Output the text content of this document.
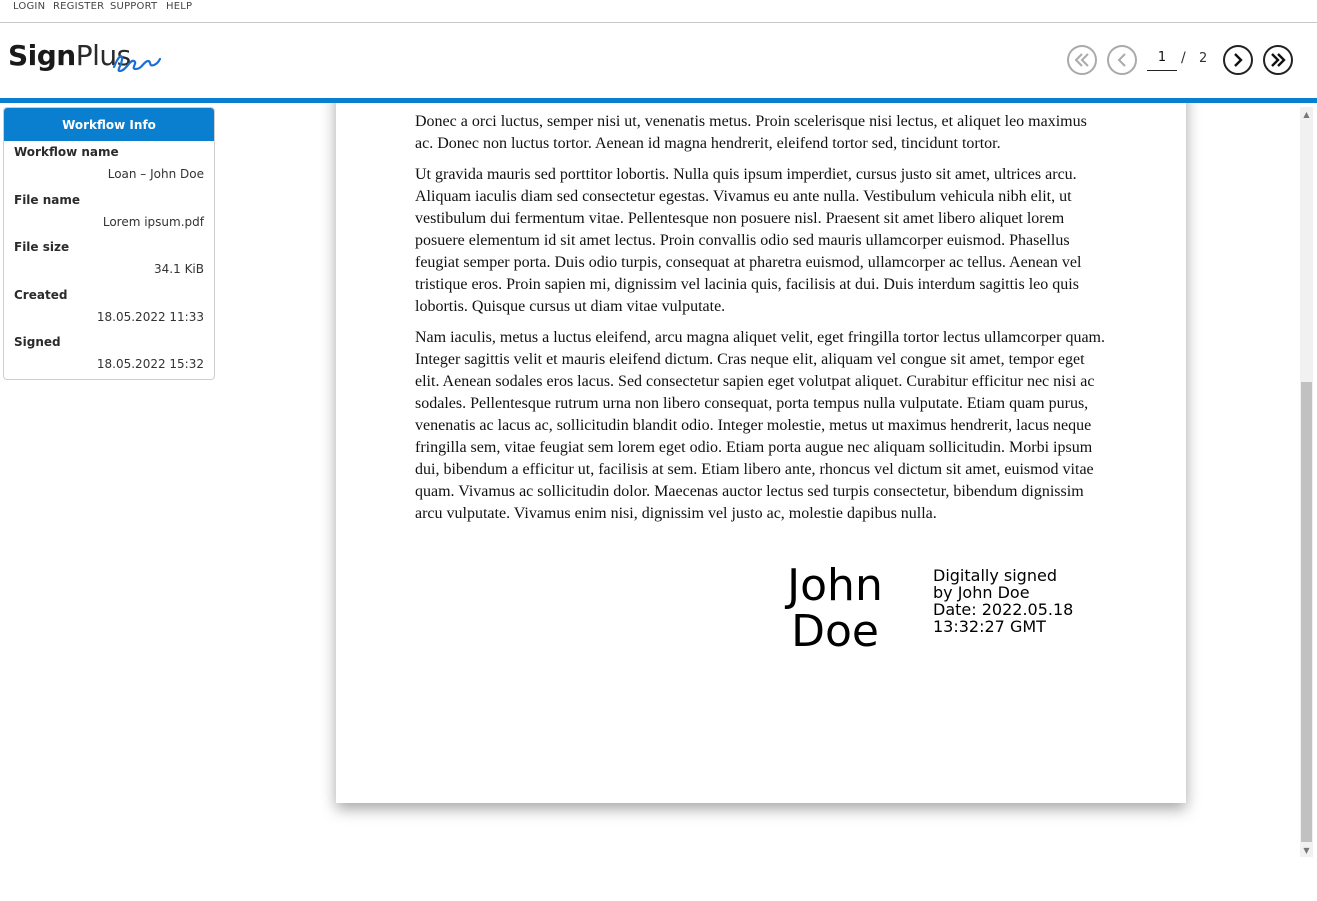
LOGIN REGISTER SUPPORT HELP
SignPlus
1	/ 2
Workflow Info
Workflow name
Loan – John Doe
File name
Lorem ipsum.pdf
File size
34.1 KiB
Created
18.05.2022 11:33
Signed
18.05.2022 15:32

Donec a orci luctus, semper nisi ut, venenatis metus. Proin scelerisque nisi lectus, et aliquet leo maximus ac. Donec non luctus tortor. Aenean id magna hendrerit, eleifend tortor sed, tincidunt tortor.

Ut gravida mauris sed porttitor lobortis. Nulla quis ipsum imperdiet, cursus justo sit amet, ultrices arcu. Aliquam iaculis diam sed consectetur egestas. Vivamus eu ante nulla. Vestibulum vehicula nibh elit, ut vestibulum dui fermentum vitae. Pellentesque non posuere nisl. Praesent sit amet libero aliquet lorem posuere elementum id sit amet lectus. Proin convallis odio sed mauris ullamcorper euismod. Phasellus feugiat semper porta. Duis odio turpis, consequat at pharetra euismod, ullamcorper ac tellus. Aenean vel tristique eros. Proin sapien mi, dignissim vel lacinia quis, facilisis at dui. Duis interdum sagittis leo quis lobortis. Quisque cursus ut diam vitae vulputate.

Nam iaculis, metus a luctus eleifend, arcu magna aliquet velit, eget fringilla tortor lectus ullamcorper quam. Integer sagittis velit et mauris eleifend dictum. Cras neque elit, aliquam vel congue sit amet, tempor eget elit. Aenean sodales eros lacus. Sed consectetur sapien eget volutpat aliquet. Curabitur efficitur nec nisi ac sodales. Pellentesque rutrum urna non libero consequat, porta tempus nulla vulputate. Etiam quam purus, venenatis ac lacus ac, sollicitudin blandit odio. Integer molestie, metus ut maximus hendrerit, lacus neque fringilla sem, vitae feugiat sem lorem eget odio. Etiam porta augue nec aliquam sollicitudin. Morbi ipsum dui, bibendum a efficitur ut, facilisis at sem. Etiam libero ante, rhoncus vel dictum sit amet, euismod vitae quam. Vivamus ac sollicitudin dolor. Maecenas auctor lectus sed turpis consectetur, bibendum dignissim arcu vulputate. Vivamus enim nisi, dignissim vel justo ac, molestie dapibus nulla.

John
Doe
Digitally signed
by John Doe
Date: 2022.05.18
13:32:27 GMT
▲
▼
